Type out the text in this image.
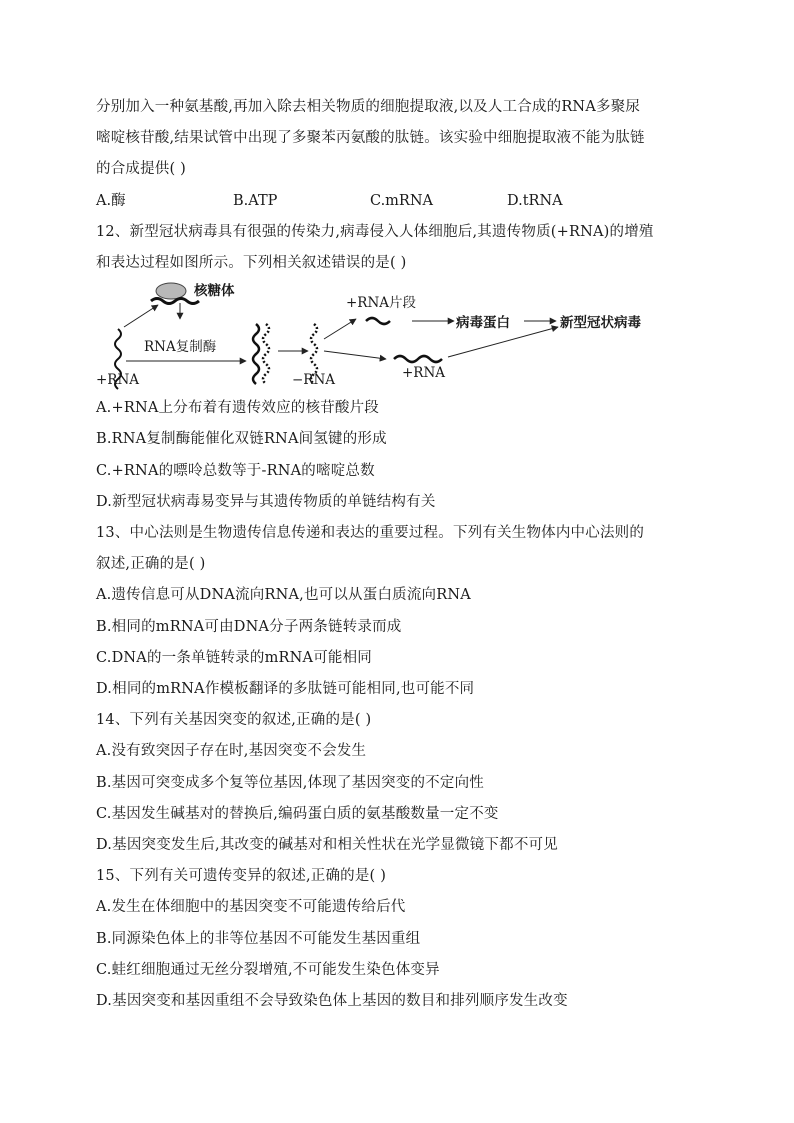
分别加入一种氨基酸,再加入除去相关物质的细胞提取液,以及人工合成的RNA多聚尿
嘧啶核苷酸,结果试管中出现了多聚苯丙氨酸的肽链。该实验中细胞提取液不能为肽链
的合成提供( )
A.酶	B.ATP	C.mRNA	D.tRNA
12、新型冠状病毒具有很强的传染力,病毒侵入人体细胞后,其遗传物质(+RNA)的增殖
和表达过程如图所示。下列相关叙述错误的是( )
核糖体
RNA复制酶
+RNA	−RNA
+RNA片段
病毒蛋白	新型冠状病毒
+RNA
A.+RNA上分布着有遗传效应的核苷酸片段
B.RNA复制酶能催化双链RNA间氢键的形成
C.+RNA的嘌呤总数等于-RNA的嘧啶总数
D.新型冠状病毒易变异与其遗传物质的单链结构有关
13、中心法则是生物遗传信息传递和表达的重要过程。下列有关生物体内中心法则的
叙述,正确的是( )
A.遗传信息可从DNA流向RNA,也可以从蛋白质流向RNA
B.相同的mRNA可由DNA分子两条链转录而成
C.DNA的一条单链转录的mRNA可能相同
D.相同的mRNA作模板翻译的多肽链可能相同,也可能不同
14、下列有关基因突变的叙述,正确的是( )
A.没有致突因子存在时,基因突变不会发生
B.基因可突变成多个复等位基因,体现了基因突变的不定向性
C.基因发生碱基对的替换后,编码蛋白质的氨基酸数量一定不变
D.基因突变发生后,其改变的碱基对和相关性状在光学显微镜下都不可见
15、下列有关可遗传变异的叙述,正确的是( )
A.发生在体细胞中的基因突变不可能遗传给后代
B.同源染色体上的非等位基因不可能发生基因重组
C.蛙红细胞通过无丝分裂增殖,不可能发生染色体变异
D.基因突变和基因重组不会导致染色体上基因的数目和排列顺序发生改变
